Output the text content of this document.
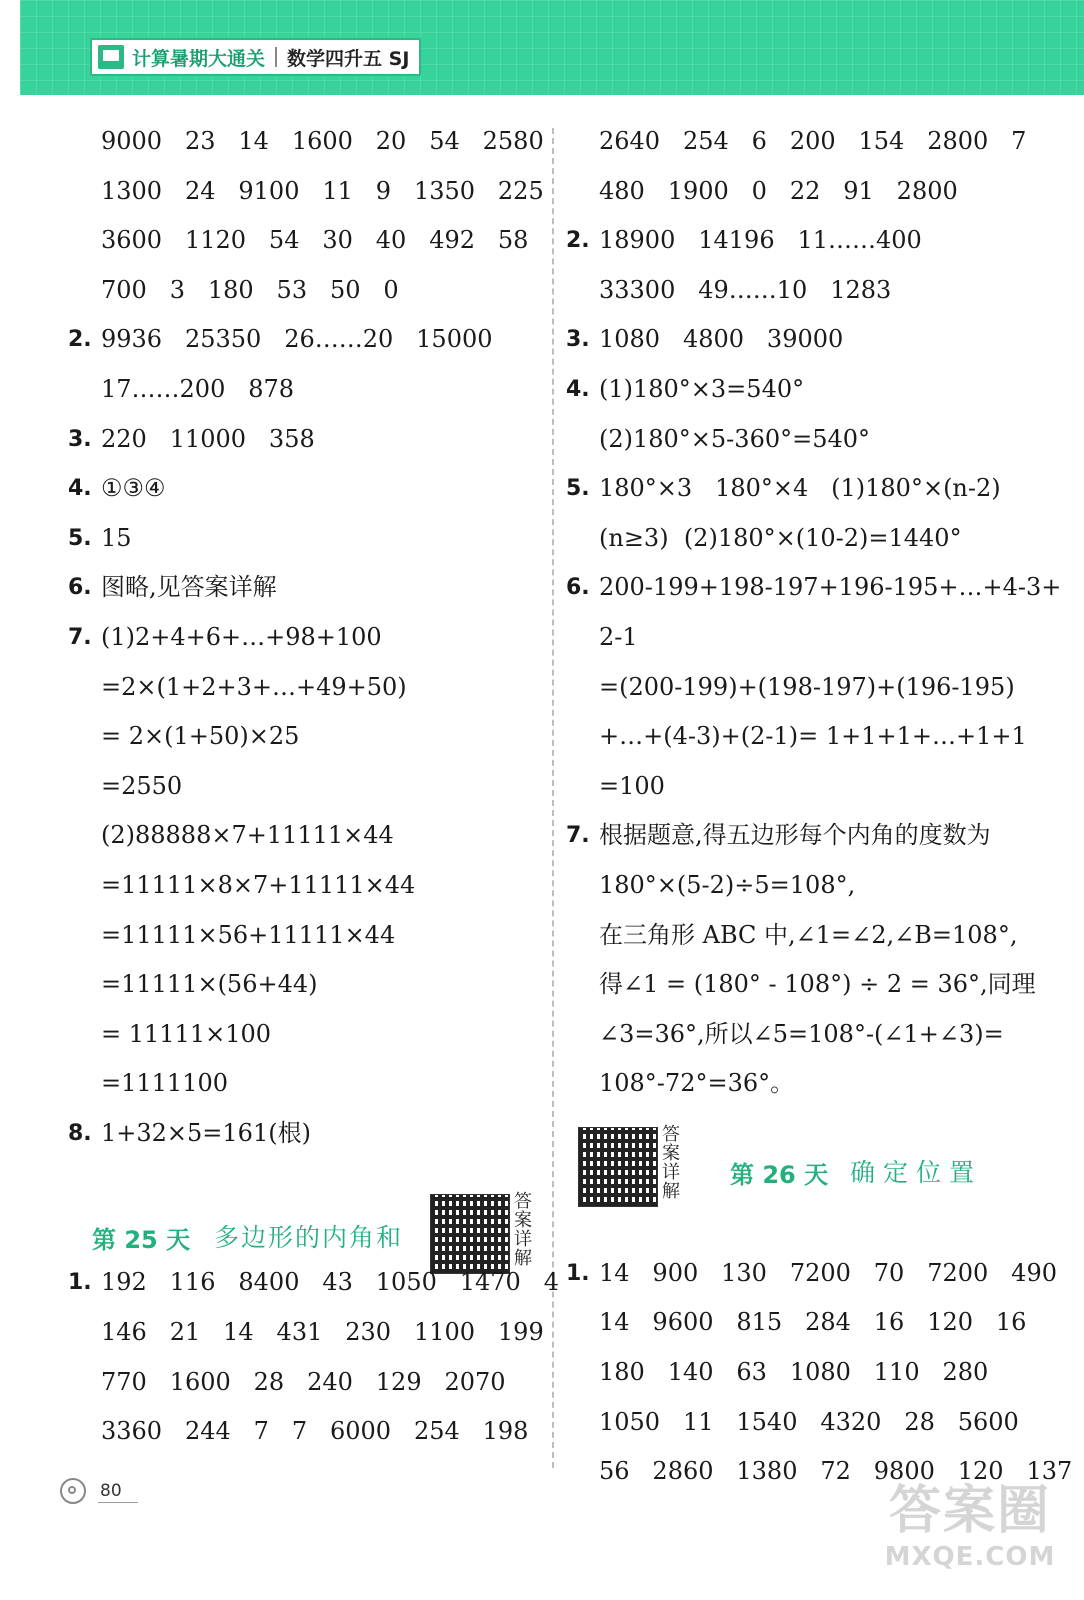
计算暑期大通关 数学四升五 SJ
9000   23   14   1600   20   54   2580
1300   24   9100   11   9   1350   225
3600   1120   54   30   40   492   58
700   3   180   53   50   0
2. 9936   25350   26……20   15000
17……200   878
3. 220   11000   358
4. ①③④
5. 15
6. 图略,见答案详解
7. (1)2+4+6+…+98+100
=2×(1+2+3+…+49+50)
= 2×(1+50)×25
=2550
(2)88888×7+11111×44
=11111×8×7+11111×44
=11111×56+11111×44
=11111×(56+44)
= 11111×100
=1111100
8. 1+32×5=161(根)
第 25 天 多边形的内角和
答
案
详
解
1. 192   116   8400   43   1050   1470   4
146   21   14   431   230   1100   199
770   1600   28   240   129   2070
3360   244   7   7   6000   254   198
2640   254   6   200   154   2800   7
480   1900   0   22   91   2800
2. 18900   14196   11……400
33300   49……10   1283
3. 1080   4800   39000
4. (1)180°×3=540°
(2)180°×5-360°=540°
5. 180°×3   180°×4   (1)180°×(n-2)
(n≥3)  (2)180°×(10-2)=1440°
6. 200-199+198-197+196-195+…+4-3+
2-1
=(200-199)+(198-197)+(196-195)
+…+(4-3)+(2-1)= 1+1+1+…+1+1
=100
7. 根据题意,得五边形每个内角的度数为
180°×(5-2)÷5=108°,
在三角形 ABC 中,∠1=∠2,∠B=108°,
得∠1 = (180° - 108°) ÷ 2 = 36°,同理
∠3=36°,所以∠5=108°-(∠1+∠3)=
108°-72°=36°。
答
案
详
解
第 26 天 确定位置
1. 14   900   130   7200   70   7200   490
14   9600   815   284   16   120   16
180   140   63   1080   110   280
1050   11   1540   4320   28   5600
56   2860   1380   72   9800   120   137
80	答案圈
MXQE.COM
